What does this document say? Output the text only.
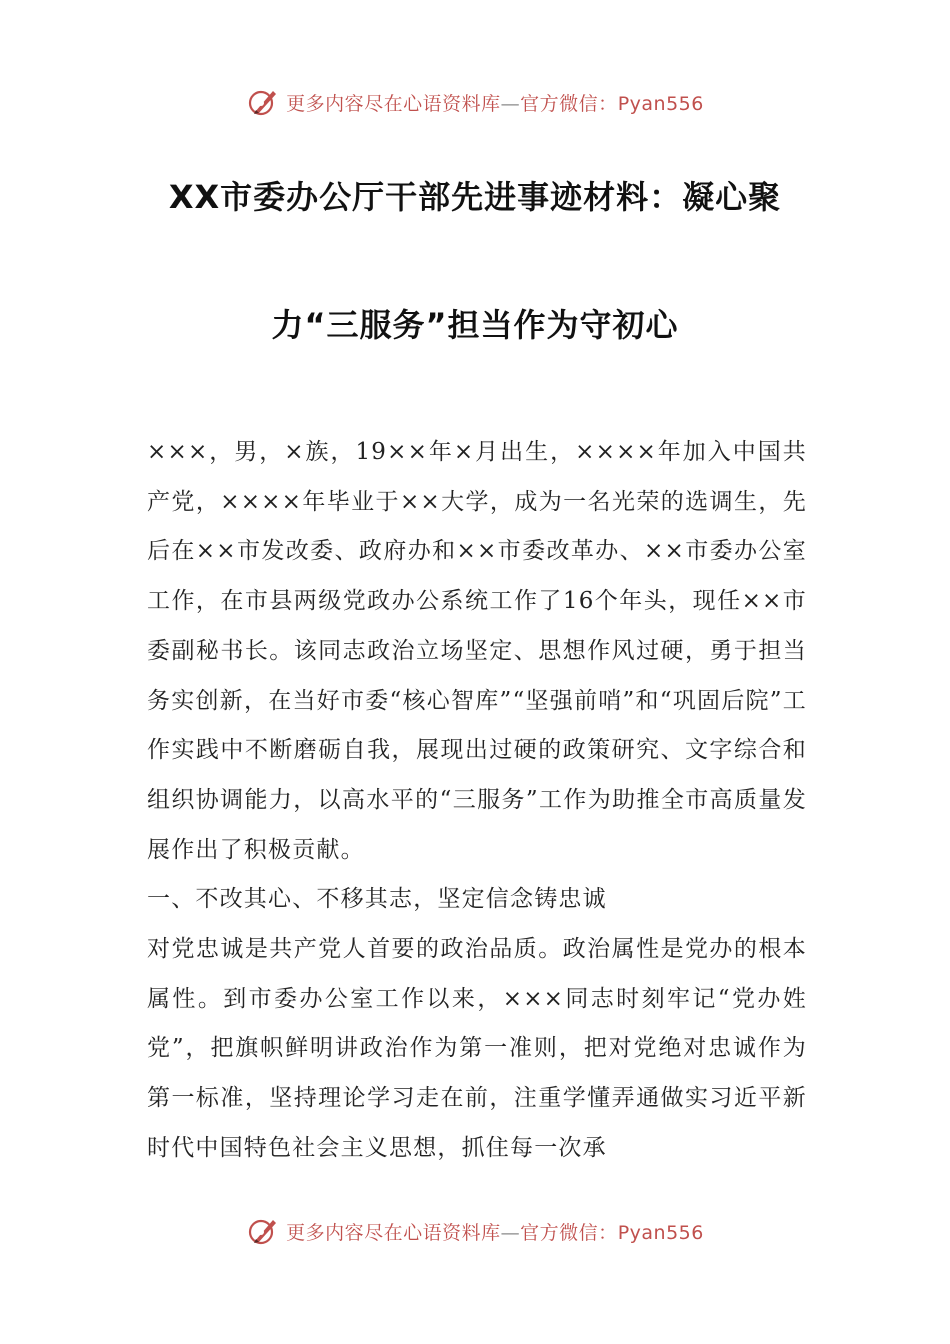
更多内容尽在心语资料库—官方微信：Pyan556
XX市委办公厅干部先进事迹材料：凝心聚
力“三服务”担当作为守初心

×××，男，×族，19××年×月出生，××××年加入中国共产党，××××年毕业于××大学，成为一名光荣的选调生，先后在××市发改委、政府办和××市委改革办、××市委办公室工作，在市县两级党政办公系统工作了16个年头，现任××市委副秘书长。该同志政治立场坚定、思想作风过硬，勇于担当务实创新，在当好市委“核心智库”“坚强前哨”和“巩固后院”工作实践中不断磨砺自我，展现出过硬的政策研究、文字综合和组织协调能力，以高水平的“三服务”工作为助推全市高质量发展作出了积极贡献。

一、不改其心、不移其志，坚定信念铸忠诚

对党忠诚是共产党人首要的政治品质。政治属性是党办的根本属性。到市委办公室工作以来，×××同志时刻牢记“党办姓党”，把旗帜鲜明讲政治作为第一准则，把对党绝对忠诚作为第一标准，坚持理论学习走在前，注重学懂弄通做实习近平新时代中国特色社会主义思想，抓住每一次承

更多内容尽在心语资料库—官方微信：Pyan556
